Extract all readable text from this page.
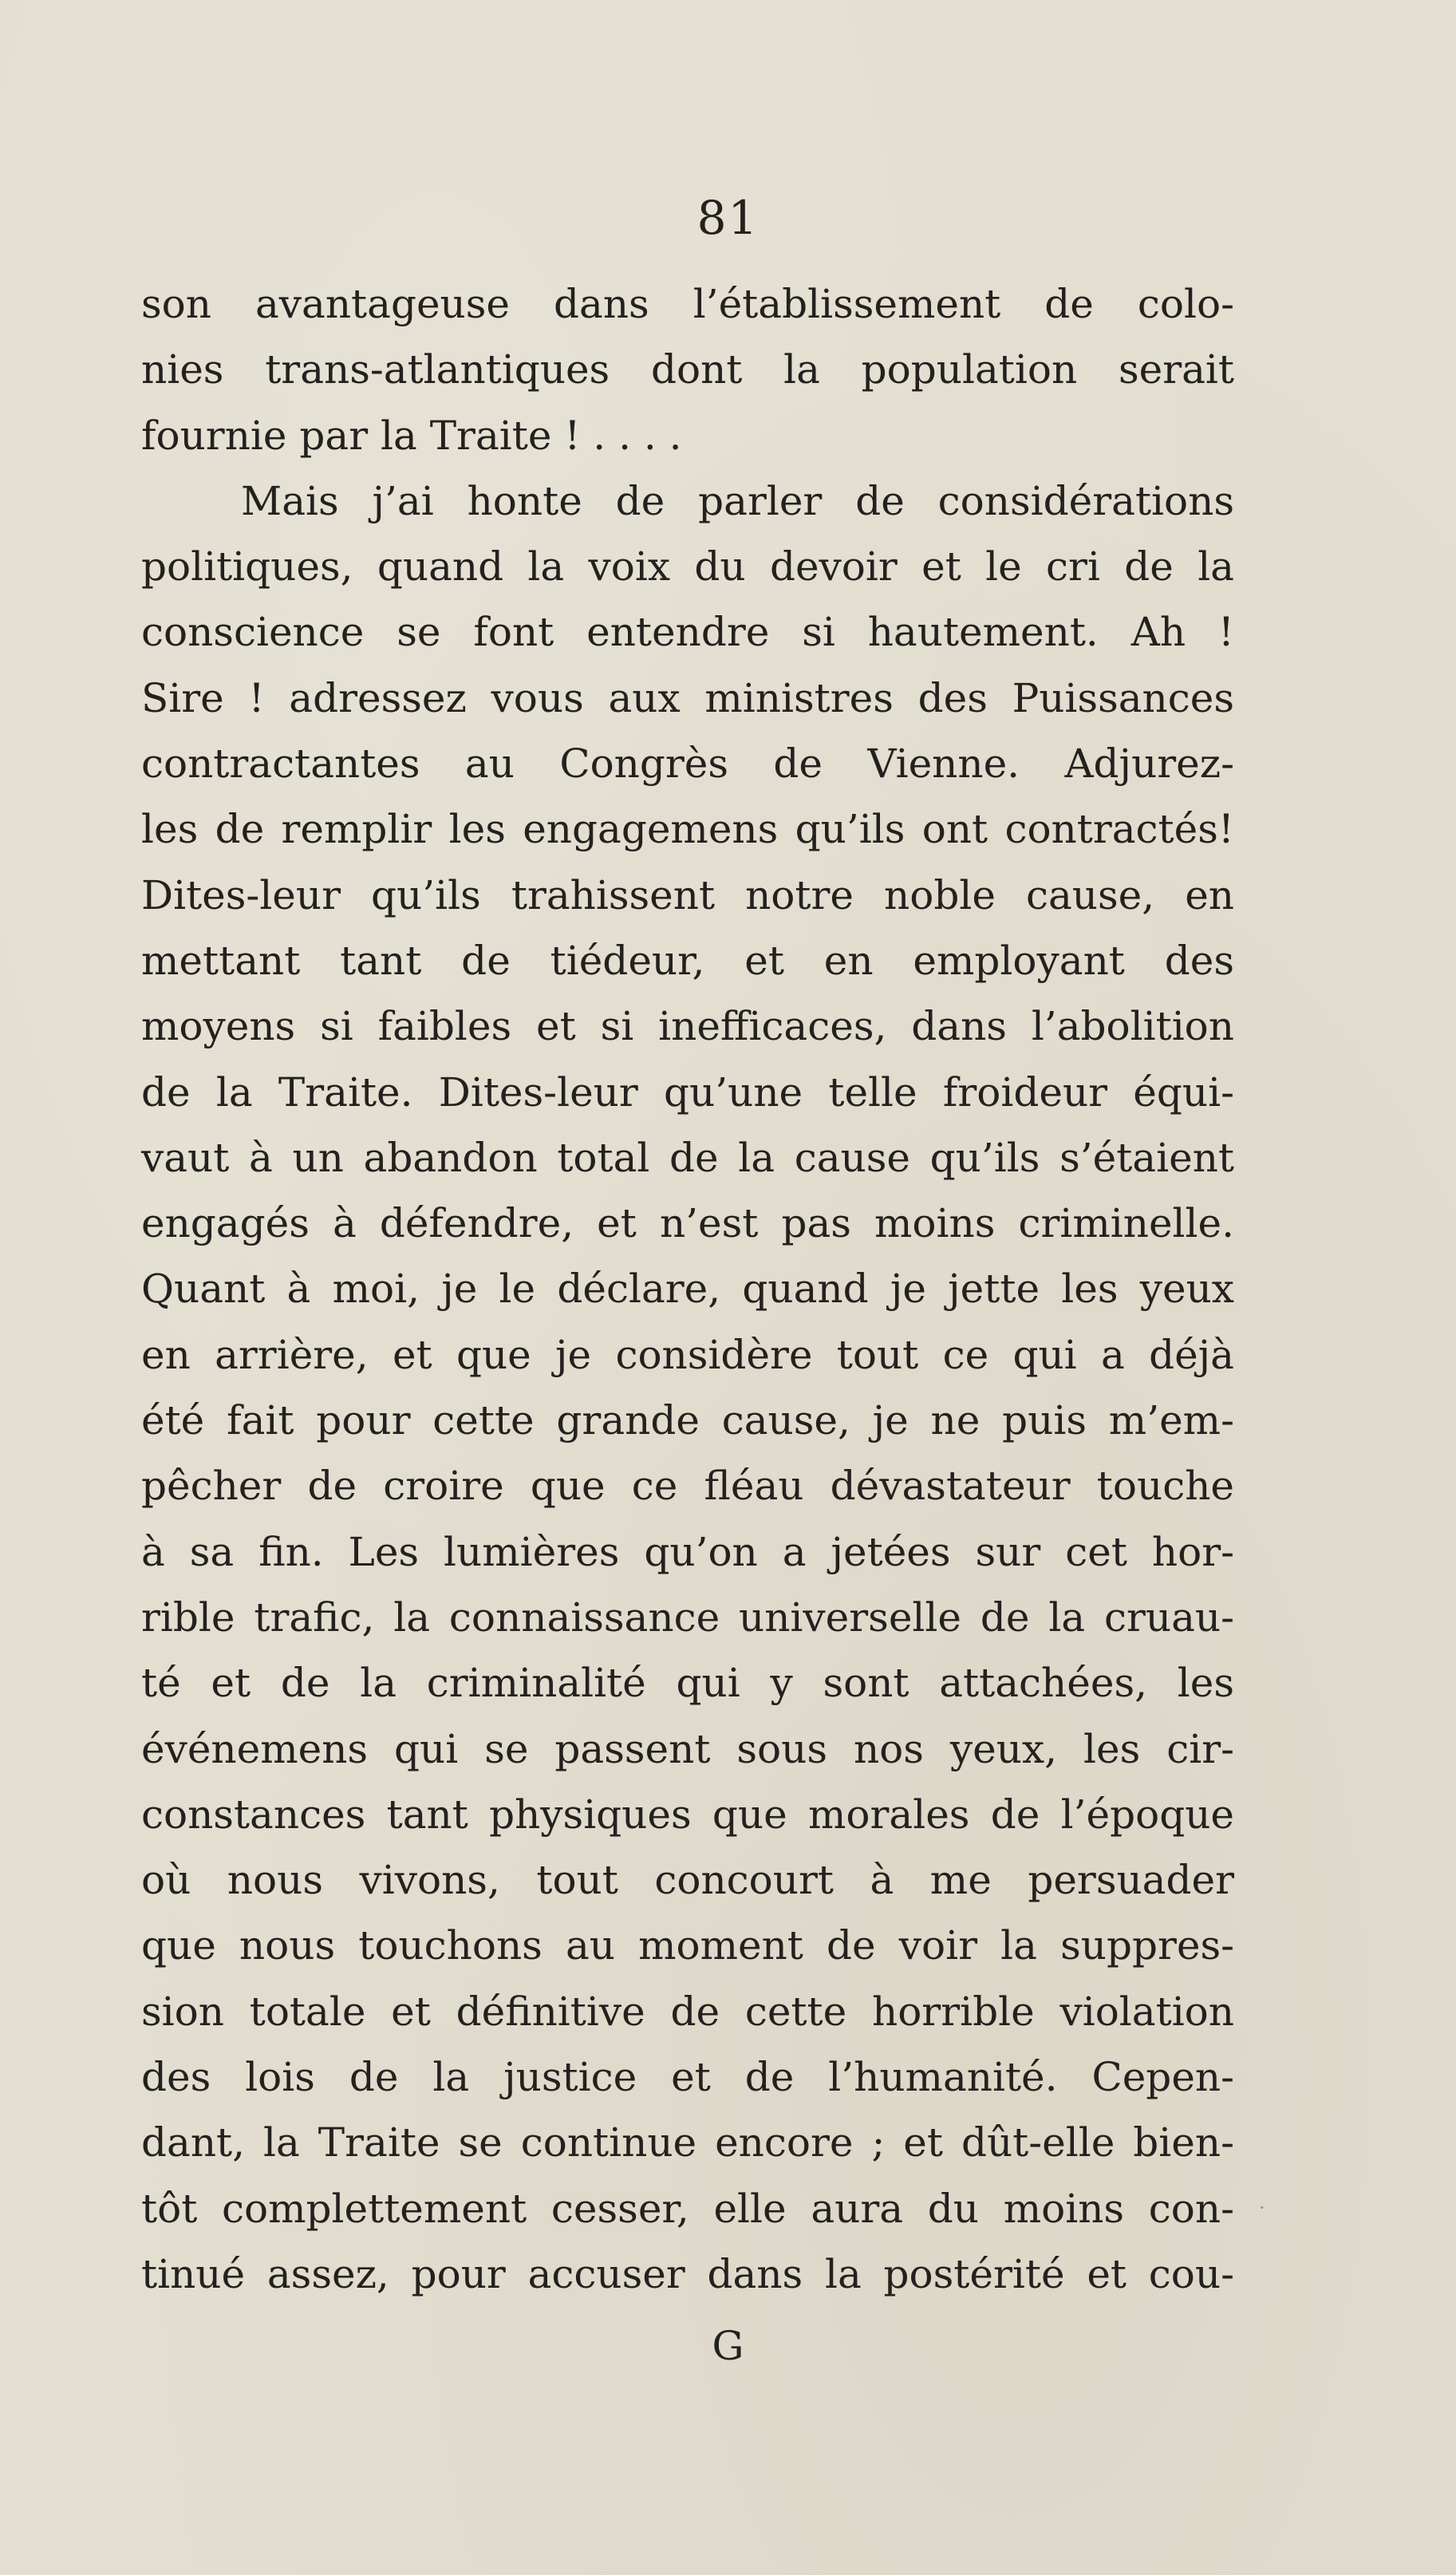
81
son avantageuse dans l’établissement de colo-
nies trans-atlantiques dont la population serait
fournie par la Traite ! . . . .
Mais j’ai honte de parler de considérations
politiques, quand la voix du devoir et le cri de la
conscience se font entendre si hautement. Ah !
Sire ! adressez vous aux ministres des Puissances
contractantes au Congrès de Vienne. Adjurez-
les de remplir les engagemens qu’ils ont contractés!
Dites-leur qu’ils trahissent notre noble cause, en
mettant tant de tiédeur, et en employant des
moyens si faibles et si inefficaces, dans l’abolition
de la Traite. Dites-leur qu’une telle froideur équi-
vaut à un abandon total de la cause qu’ils s’étaient
engagés à défendre, et n’est pas moins criminelle.
Quant à moi, je le déclare, quand je jette les yeux
en arrière, et que je considère tout ce qui a déjà
été fait pour cette grande cause, je ne puis m’em-
pêcher de croire que ce fléau dévastateur touche
à sa fin. Les lumières qu’on a jetées sur cet hor-
rible trafic, la connaissance universelle de la cruau-
té et de la criminalité qui y sont attachées, les
événemens qui se passent sous nos yeux, les cir-
constances tant physiques que morales de l’époque
où nous vivons, tout concourt à me persuader
que nous touchons au moment de voir la suppres-
sion totale et définitive de cette horrible violation
des lois de la justice et de l’humanité. Cepen-
dant, la Traite se continue encore ; et dût-elle bien-
tôt complettement cesser, elle aura du moins con-
tinué assez, pour accuser dans la postérité et cou-
·
G
